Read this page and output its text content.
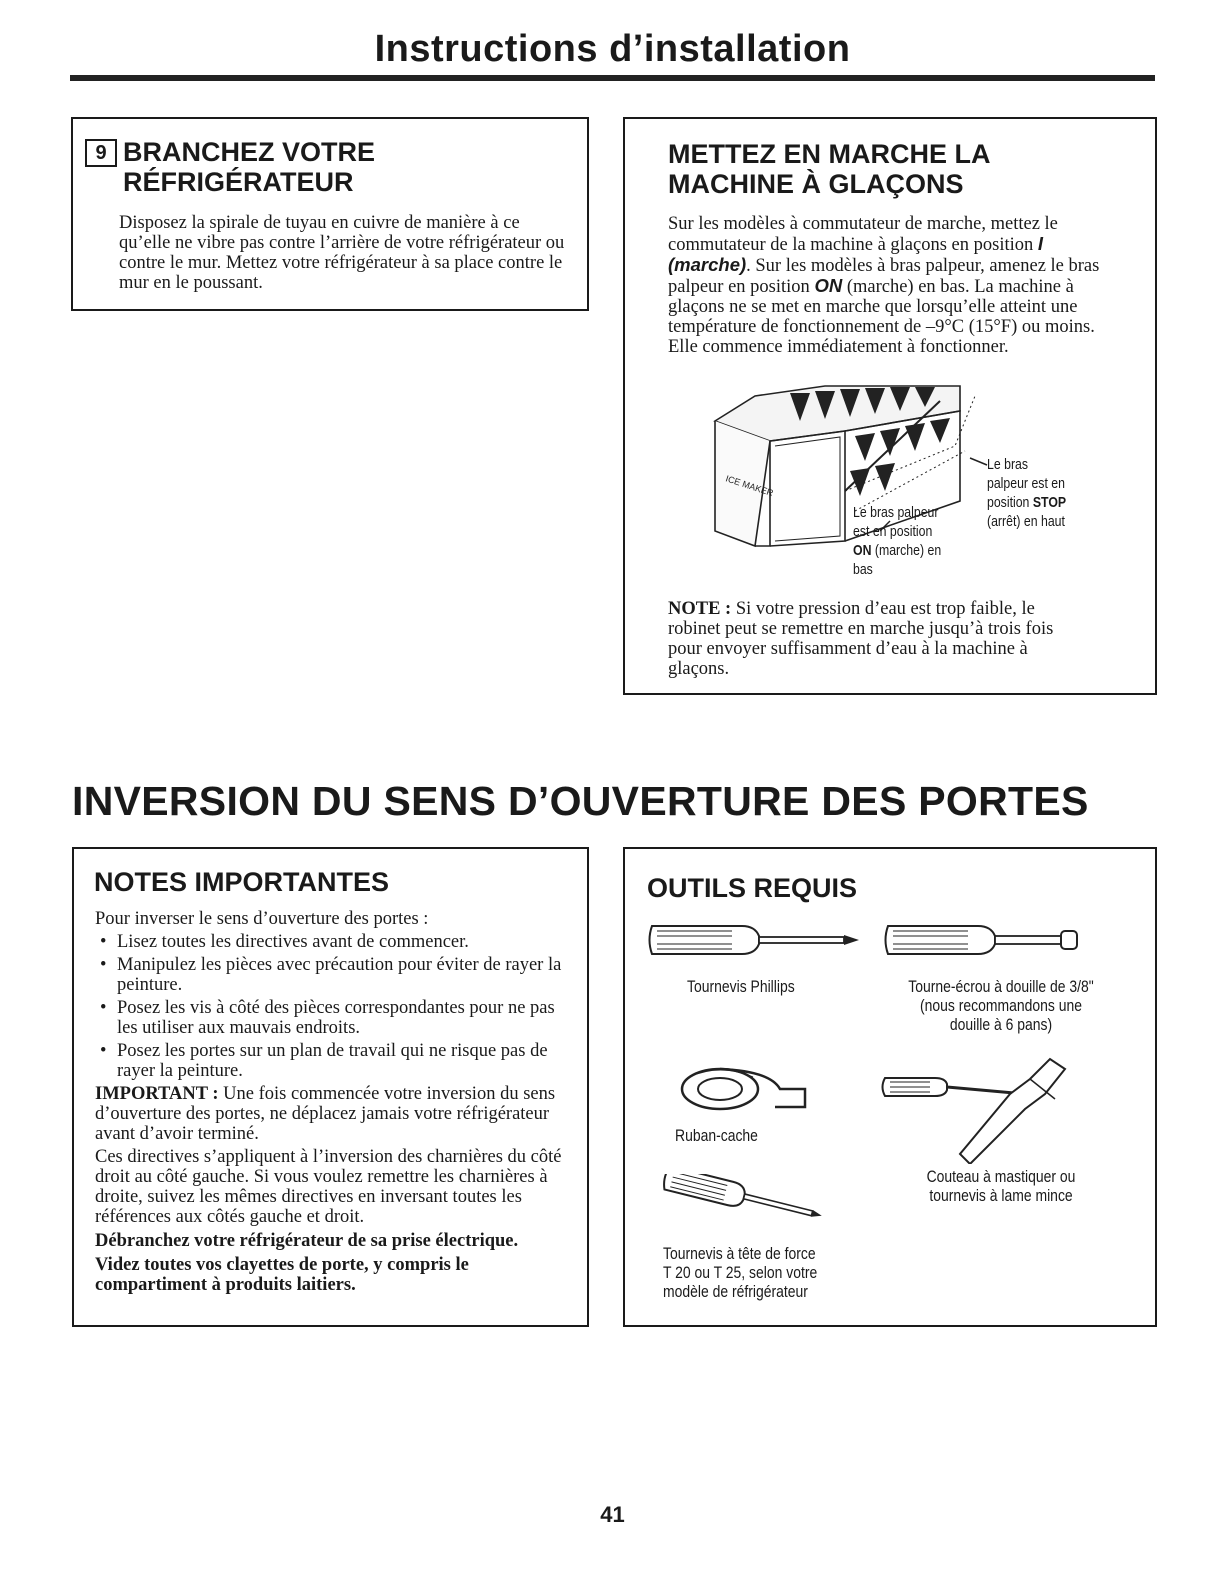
Instructions d’installation
9 BRANCHEZ VOTRE
RÉFRIGÉRATEUR

Disposez la spirale de tuyau en cuivre de manière à ce qu’elle ne vibre pas contre l’arrière de votre réfrigérateur ou contre le mur. Mettez votre réfrigérateur à sa place contre le mur en le poussant.

METTEZ EN MARCHE LA
MACHINE À GLAÇONS

Sur les modèles à commutateur de marche, mettez le commutateur de la machine à glaçons en position I (marche). Sur les modèles à bras palpeur, amenez le bras palpeur en position ON (marche) en bas. La machine à glaçons ne se met en marche que lorsqu’elle atteint une température de fonctionnement de –9°C (15°F) ou moins. Elle commence immédiatement à fonctionner.

ICE MAKER
Le bras
palpeur est en
position STOP
(arrêt) en haut
Le bras palpeur
est en position
ON (marche) en
bas

NOTE : Si votre pression d’eau est trop faible, le robinet peut se remettre en marche jusqu’à trois fois pour envoyer suffisamment d’eau à la machine à glaçons.

INVERSION DU SENS D’OUVERTURE DES PORTES
NOTES IMPORTANTES
Pour inverser le sens d’ouverture des portes :
• Lisez toutes les directives avant de commencer.
• Manipulez les pièces avec précaution pour éviter de rayer la peinture.
• Posez les vis à côté des pièces correspondantes pour ne pas les utiliser aux mauvais endroits.
• Posez les portes sur un plan de travail qui ne risque pas de rayer la peinture.
IMPORTANT : Une fois commencée votre inversion du sens d’ouverture des portes, ne déplacez jamais votre réfrigérateur avant d’avoir terminé.
Ces directives s’appliquent à l’inversion des charnières du côté droit au côté gauche. Si vous voulez remettre les charnières à droite, suivez les mêmes directives en inversant toutes les références aux côtés gauche et droit.
Débranchez votre réfrigérateur de sa prise électrique.
Videz toutes vos clayettes de porte, y compris le compartiment à produits laitiers.
OUTILS REQUIS
Tournevis Phillips	Tourne-écrou à douille de 3/8"
(nous recommandons une
douille à 6 pans)
Ruban-cache
Couteau à mastiquer ou
tournevis à lame mince
Tournevis à tête de force
T 20 ou T 25, selon votre
modèle de réfrigérateur
41
